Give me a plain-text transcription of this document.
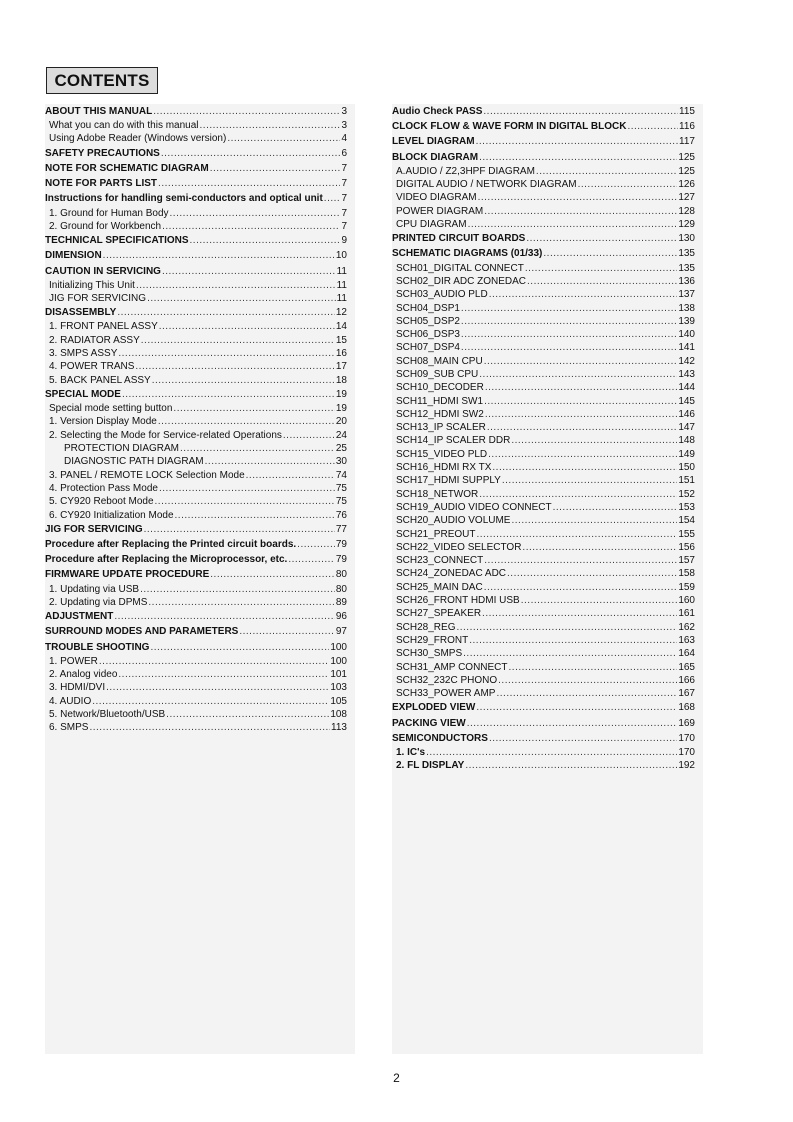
CONTENTS
ABOUT THIS MANUAL .....	3
What you can do with this manual .....	3
Using Adobe Reader (Windows version) .....	4
SAFETY PRECAUTIONS .....	6
NOTE FOR SCHEMATIC DIAGRAM .....	7
NOTE FOR PARTS LIST .....	7
Instructions for handling semi-conductors and optical unit ..... 7
1. Ground for Human Body .....	7
2. Ground for Workbench .....	7
TECHNICAL SPECIFICATIONS .....	9
DIMENSION .....	10
CAUTION IN SERVICING .....	11
Initializing This Unit .....	11
JIG FOR SERVICING .....	11
DISASSEMBLY .....	12
1. FRONT PANEL ASSY .....	14
2. RADIATOR ASSY .....	15
3. SMPS ASSY .....	16
4. POWER TRANS .....	17
5. BACK PANEL ASSY .....	18
SPECIAL MODE .....	19
Special mode setting button .....	19
1. Version Display Mode .....	20
2. Selecting the Mode for Service-related Operations .....	24
PROTECTION DIAGRAM .....	25
DIAGNOSTIC PATH DIAGRAM .....	30
3. PANEL / REMOTE LOCK Selection Mode .....	74
4. Protection Pass Mode .....	75
5. CY920 Reboot Mode .....	75
6. CY920 Initialization Mode .....	76
JIG FOR SERVICING .....	77
Procedure after Replacing the Printed circuit boards. .....	79
Procedure after Replacing the Microprocessor, etc. .....	79
FIRMWARE UPDATE PROCEDURE .....	80
1. Updating via USB .....	80
2. Updating via DPMS .....	89
ADJUSTMENT .....	96
SURROUND MODES AND PARAMETERS .....	97
TROUBLE SHOOTING .....	100
1. POWER .....	100
2. Analog video .....	101
3. HDMI/DVI .....	103
4. AUDIO .....	105
5. Network/Bluetooth/USB .....	108
6. SMPS .....	113
Audio Check PASS .....	115
CLOCK FLOW & WAVE FORM IN DIGITAL BLOCK .....	116
LEVEL DIAGRAM .....	117
BLOCK DIAGRAM .....	125
A.AUDIO / Z2,3HPF DIAGRAM .....	125
DIGITAL AUDIO / NETWORK DIAGRAM .....	126
VIDEO DIAGRAM .....	127
POWER DIAGRAM .....	128
CPU DIAGRAM .....	129
PRINTED CIRCUIT BOARDS .....	130
SCHEMATIC DIAGRAMS (01/33) .....	135
SCH01_DIGITAL CONNECT .....	135
SCH02_DIR ADC ZONEDAC .....	136
SCH03_AUDIO PLD .....	137
SCH04_DSP1 .....	138
SCH05_DSP2 .....	139
SCH06_DSP3 .....	140
SCH07_DSP4 .....	141
SCH08_MAIN CPU .....	142
SCH09_SUB CPU .....	143
SCH10_DECODER .....	144
SCH11_HDMI SW1 .....	145
SCH12_HDMI SW2 .....	146
SCH13_IP SCALER .....	147
SCH14_IP SCALER DDR .....	148
SCH15_VIDEO PLD .....	149
SCH16_HDMI RX TX .....	150
SCH17_HDMI SUPPLY .....	151
SCH18_NETWOR .....	152
SCH19_AUDIO VIDEO CONNECT .....	153
SCH20_AUDIO VOLUME .....	154
SCH21_PREOUT .....	155
SCH22_VIDEO SELECTOR .....	156
SCH23_CONNECT .....	157
SCH24_ZONEDAC ADC .....	158
SCH25_MAIN DAC .....	159
SCH26_FRONT HDMI USB .....	160
SCH27_SPEAKER .....	161
SCH28_REG .....	162
SCH29_FRONT .....	163
SCH30_SMPS .....	164
SCH31_AMP CONNECT .....	165
SCH32_232C PHONO .....	166
SCH33_POWER AMP .....	167
EXPLODED VIEW .....	168
PACKING VIEW .....	169
SEMICONDUCTORS .....	170
1. IC's .....	170
2. FL DISPLAY .....	192
2
